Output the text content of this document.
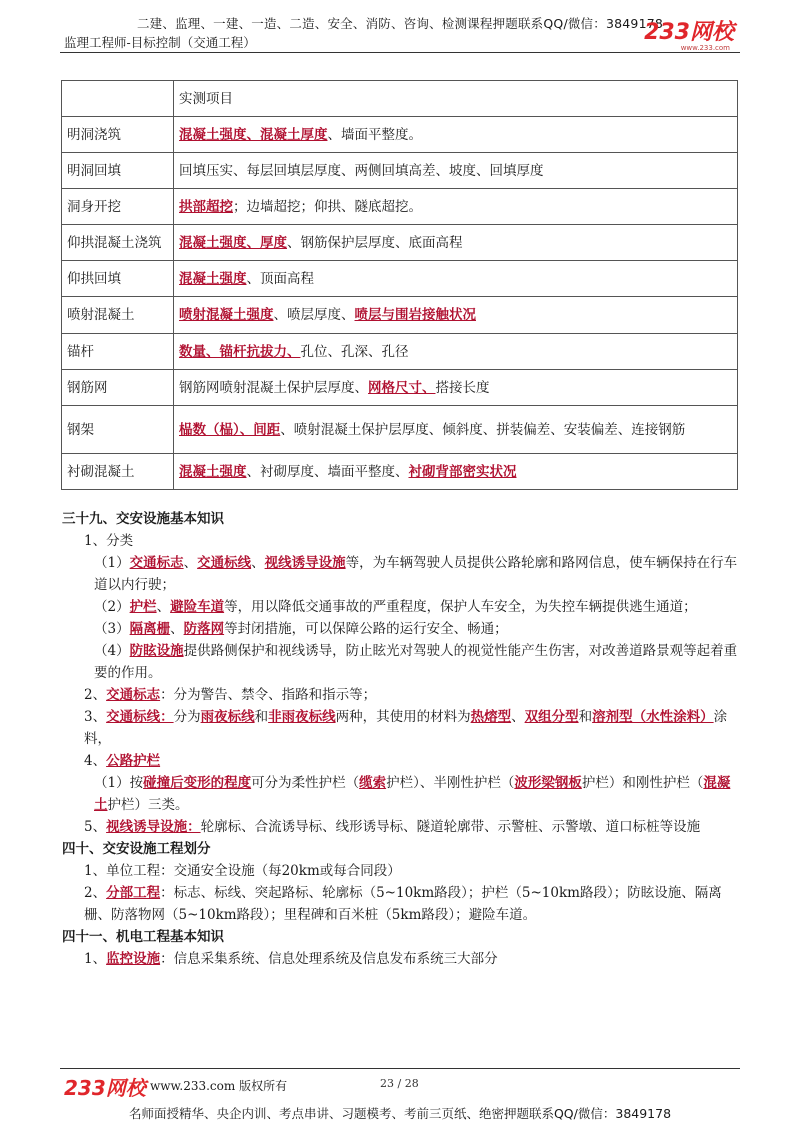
二建、监理、一建、一造、二造、安全、消防、咨询、检测课程押题联系QQ/微信：3849178
监理工程师-目标控制（交通工程）	233网校
www.233.com
	实测项目
明洞浇筑	混凝土强度、混凝土厚度、墙面平整度。
明洞回填	回填压实、每层回填层厚度、两侧回填高差、坡度、回填厚度
洞身开挖	拱部超挖；边墙超挖；仰拱、隧底超挖。
仰拱混凝土浇筑	混凝土强度、厚度、钢筋保护层厚度、底面高程
仰拱回填	混凝土强度、顶面高程
喷射混凝土	喷射混凝土强度、喷层厚度、喷层与围岩接触状况
锚杆	数量、锚杆抗拔力、孔位、孔深、孔径
钢筋网	钢筋网喷射混凝土保护层厚度、网格尺寸、搭接长度
钢架	榀数（榀）、间距、喷射混凝土保护层厚度、倾斜度、拼装偏差、安装偏差、连接钢筋
衬砌混凝土	混凝土强度、衬砌厚度、墙面平整度、衬砌背部密实状况

三十九、交安设施基本知识

1、分类

（1）交通标志、交通标线、视线诱导设施等，为车辆驾驶人员提供公路轮廓和路网信息，使车辆保持在行车道以内行驶；

（2）护栏、避险车道等，用以降低交通事故的严重程度，保护人车安全，为失控车辆提供逃生通道；

（3）隔离栅、防落网等封闭措施，可以保障公路的运行安全、畅通；

（4）防眩设施提供路侧保护和视线诱导，防止眩光对驾驶人的视觉性能产生伤害，对改善道路景观等起着重要的作用。

2、交通标志：分为警告、禁令、指路和指示等；

3、交通标线：分为雨夜标线和非雨夜标线两种，其使用的材料为热熔型、双组分型和溶剂型（水性涂料）涂料，

4、公路护栏

（1）按碰撞后变形的程度可分为柔性护栏（缆索护栏）、半刚性护栏（波形梁钢板护栏）和刚性护栏（混凝土护栏）三类。

5、视线诱导设施：轮廓标、合流诱导标、线形诱导标、隧道轮廓带、示警桩、示警墩、道口标桩等设施

四十、交安设施工程划分

1、单位工程：交通安全设施（每20km或每合同段）

2、分部工程：标志、标线、突起路标、轮廓标（5~10km路段）；护栏（5~10km路段）；防眩设施、隔离栅、防落物网（5~10km路段）；里程碑和百米桩（5km路段）；避险车道。

四十一、机电工程基本知识

1、监控设施：信息采集系统、信息处理系统及信息发布系统三大部分

233网校 www.233.com 版权所有	23 / 28
名师面授精华、央企内训、考点串讲、习题模考、考前三页纸、绝密押题联系QQ/微信：3849178
